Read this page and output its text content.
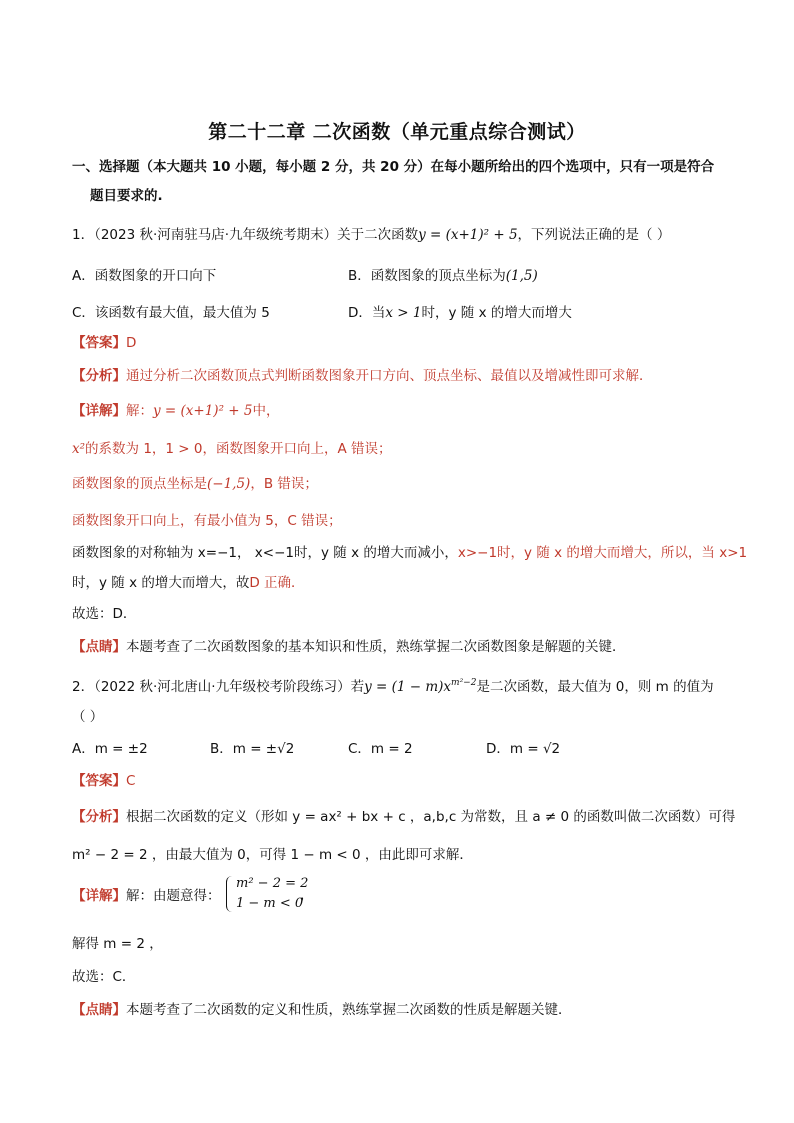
第二十二章 二次函数（单元重点综合测试）
一、选择题（本大题共 10 小题，每小题 2 分，共 20 分）在每小题所给出的四个选项中，只有一项是符合
题目要求的.
1．（2023 秋·河南驻马店·九年级统考期末）关于二次函数y = (x+1)² + 5，下列说法正确的是（ ）
A．函数图象的开口向下	B．函数图象的顶点坐标为(1,5)
C．该函数有最大值，最大值为 5	D．当x > 1时，y 随 x 的增大而增大
【答案】D
【分析】通过分析二次函数顶点式判断函数图象开口方向、顶点坐标、最值以及增减性即可求解．
【详解】解：y = (x+1)² + 5中，
x²的系数为 1，1 > 0，函数图象开口向上，A 错误；
函数图象的顶点坐标是(−1,5)，B 错误；
函数图象开口向上，有最小值为 5，C 错误；
函数图象的对称轴为 x=−1， x<−1时，y 随 x 的增大而减小，x>−1时，y 随 x 的增大而增大，所以，当 x>1
时，y 随 x 的增大而增大，故D 正确．
故选：D．
【点睛】本题考查了二次函数图象的基本知识和性质，熟练掌握二次函数图象是解题的关键．
2．（2022 秋·河北唐山·九年级校考阶段练习）若$y = (1 - m)x^{m^2-2}$是二次函数，最大值为 0，则 m 的值为
（ ）
A．m = ±2	B．m = ±√2	C．m = 2	D．m = √2
【答案】C
【分析】根据二次函数的定义（形如 y = ax² + bx + c ，a,b,c 为常数，且 a ≠ 0 的函数叫做二次函数）可得
m² − 2 = 2 ，由最大值为 0，可得 1 − m < 0 ，由此即可求解．
【详解】解：由题意得：
m² − 2 = 2
1 − m < 0
，
解得 m = 2 ，
故选：C．
【点睛】本题考查了二次函数的定义和性质，熟练掌握二次函数的性质是解题关键．
